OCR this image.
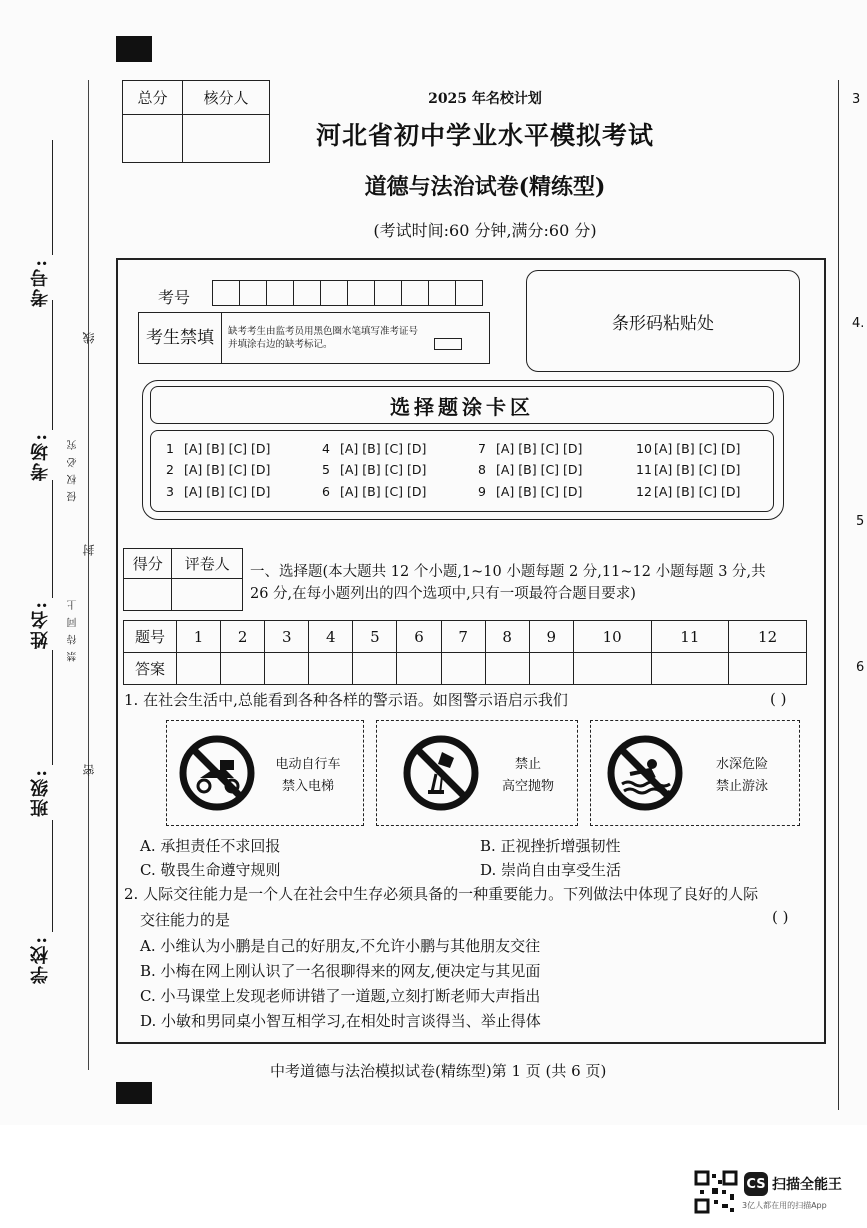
考号:
考场:
姓名:
班级:
学校:
线
侵 权 必 究
封
禁 待 同 上
密
总分	核分人
		2025 年名校计划
河北省初中学业水平模拟考试
道德与法治试卷(精练型)
(考试时间:60 分钟,满分:60 分)
考号
考生禁填	缺考考生由监考员用黑色圈水笔填写准考证号并填涂右边的缺考标记。
条形码粘贴处
选择题涂卡区
1 [A] [B] [C] [D]
2 [A] [B] [C] [D]
3 [A] [B] [C] [D]
4 [A] [B] [C] [D]
5 [A] [B] [C] [D]
6 [A] [B] [C] [D]
7 [A] [B] [C] [D]
8 [A] [B] [C] [D]
9 [A] [B] [C] [D]
10 [A] [B] [C] [D]
11 [A] [B] [C] [D]
12 [A] [B] [C] [D]
得分	评卷人
	一、选择题(本大题共 12 个小题,1~10 小题每题 2 分,11~12 小题每题 3 分,共
26 分,在每小题列出的四个选项中,只有一项最符合题目要求)
题号	1	2	3	4	5	6	7	8	9	10	11	12
答案												
1. 在社会生活中,总能看到各种各样的警示语。如图警示语启示我们	( )
电动自行车
禁入电梯
禁止
高空抛物
水深危险
禁止游泳
A. 承担责任不求回报	B. 正视挫折增强韧性
C. 敬畏生命遵守规则	D. 崇尚自由享受生活
2. 人际交往能力是一个人在社会中生存必须具备的一种重要能力。下列做法中体现了良好的人际
交往能力的是	( )
A. 小维认为小鹏是自己的好朋友,不允许小鹏与其他朋友交往
B. 小梅在网上刚认识了一名很聊得来的网友,便决定与其见面
C. 小马课堂上发现老师讲错了一道题,立刻打断老师大声指出
D. 小敏和男同桌小智互相学习,在相处时言谈得当、举止得体
中考道德与法治模拟试卷(精练型)第 1 页 (共 6 页)
3
4.
5
6
CS 扫描全能王
3亿人都在用的扫描App
